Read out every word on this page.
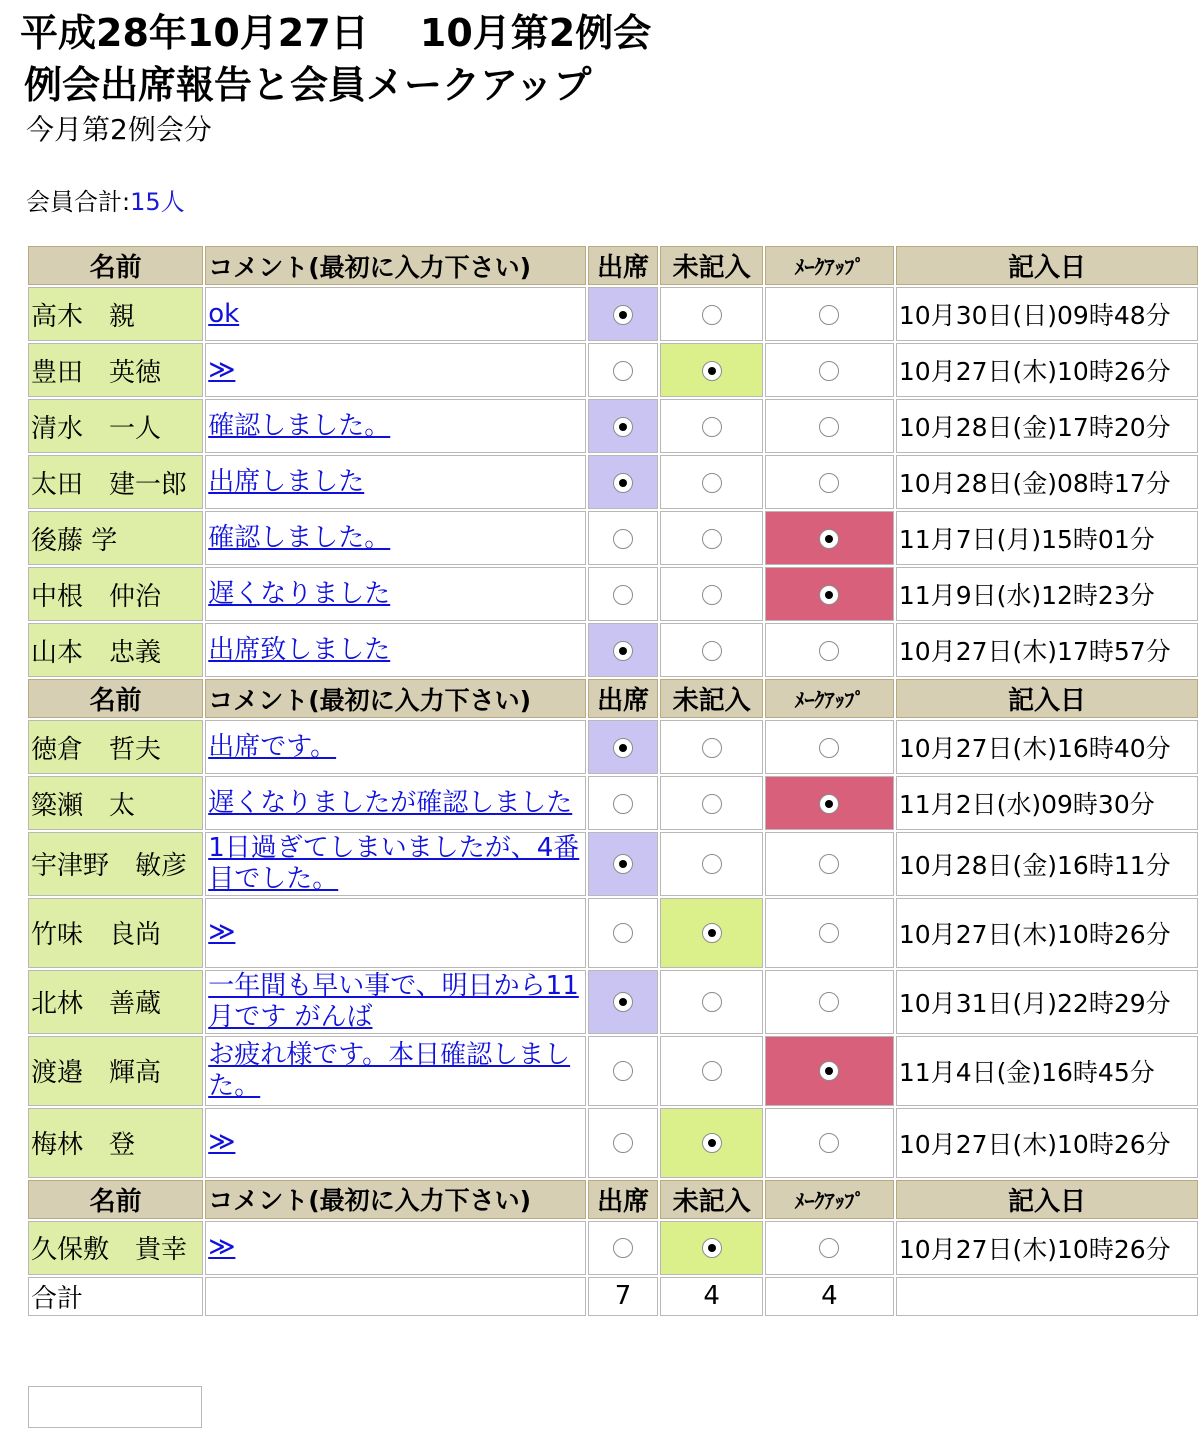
平成28年10月27日　 10月第2例会
例会出席報告と会員メークアップ
今月第2例会分
会員合計:15人
名前	コメント(最初に入力下さい)	出席	未記入	ﾒｰｸｱｯﾌﾟ	記入日
高木　親	ok				10月30日(日)09時48分
豊田　英徳	≫				10月27日(木)10時26分
清水　一人	確認しました。				10月28日(金)17時20分
太田　建一郎	出席しました				10月28日(金)08時17分
後藤 学	確認しました。				11月7日(月)15時01分
中根　仲治	遅くなりました				11月9日(水)12時23分
山本　忠義	出席致しました				10月27日(木)17時57分
名前	コメント(最初に入力下さい)	出席	未記入	ﾒｰｸｱｯﾌﾟ	記入日
徳倉　哲夫	出席です。				10月27日(木)16時40分
簗瀬　太	遅くなりましたが確認しました				11月2日(水)09時30分
宇津野　敏彦	1日過ぎてしまいましたが、4番目でした。				10月28日(金)16時11分
竹味　良尚	≫				10月27日(木)10時26分
北林　善蔵	一年間も早い事で、明日から11月です がんば				10月31日(月)22時29分
渡邉　輝高	お疲れ様です。本日確認しました。				11月4日(金)16時45分
梅林　登	≫				10月27日(木)10時26分
名前	コメント(最初に入力下さい)	出席	未記入	ﾒｰｸｱｯﾌﾟ	記入日
久保敷　貴幸	≫				10月27日(木)10時26分
合計		7	4	4	
